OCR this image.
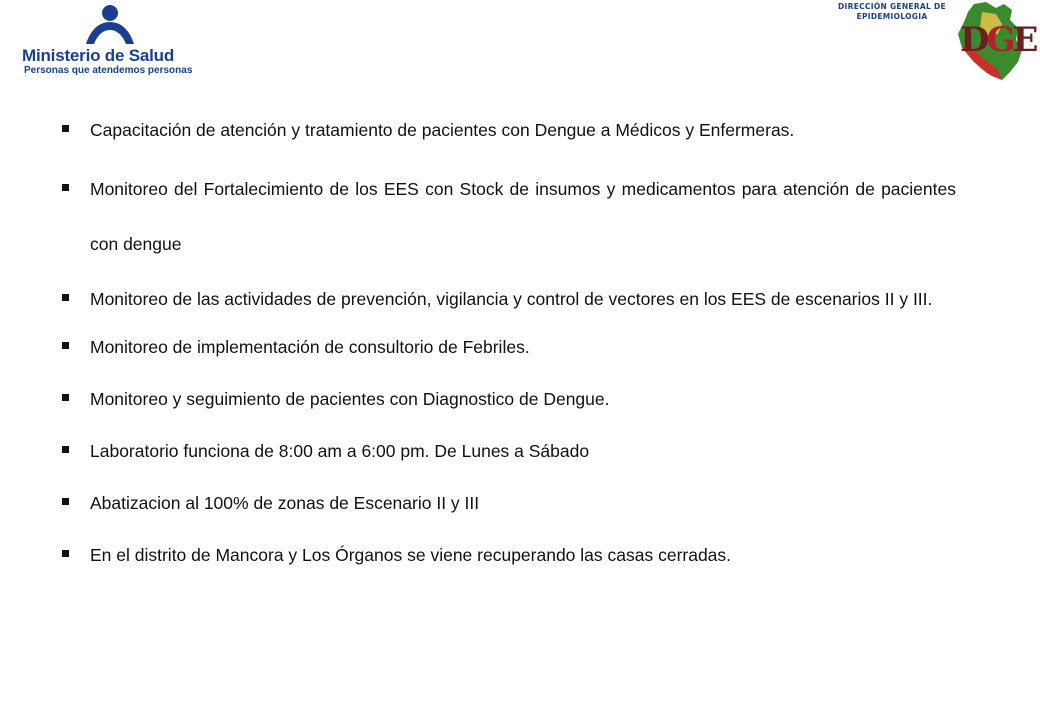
Ministerio de Salud
Personas que atendemos personas
DIRECCIÓN GENERAL DE
EPIDEMIOLOGIA
DGE
Capacitación de atención y tratamiento de pacientes con Dengue a Médicos y Enfermeras.
Monitoreo del Fortalecimiento de los EES con Stock de insumos y medicamentos para atención de pacientes con dengue
Monitoreo de las actividades de prevención, vigilancia y control de vectores en los EES de escenarios II y III.
Monitoreo de implementación de consultorio de Febriles.
Monitoreo y seguimiento de pacientes con Diagnostico de Dengue.
Laboratorio funciona de 8:00 am a 6:00 pm. De Lunes a Sábado
Abatizacion al 100% de zonas de Escenario II y III
En el distrito de Mancora y Los Órganos se viene recuperando las casas cerradas.
